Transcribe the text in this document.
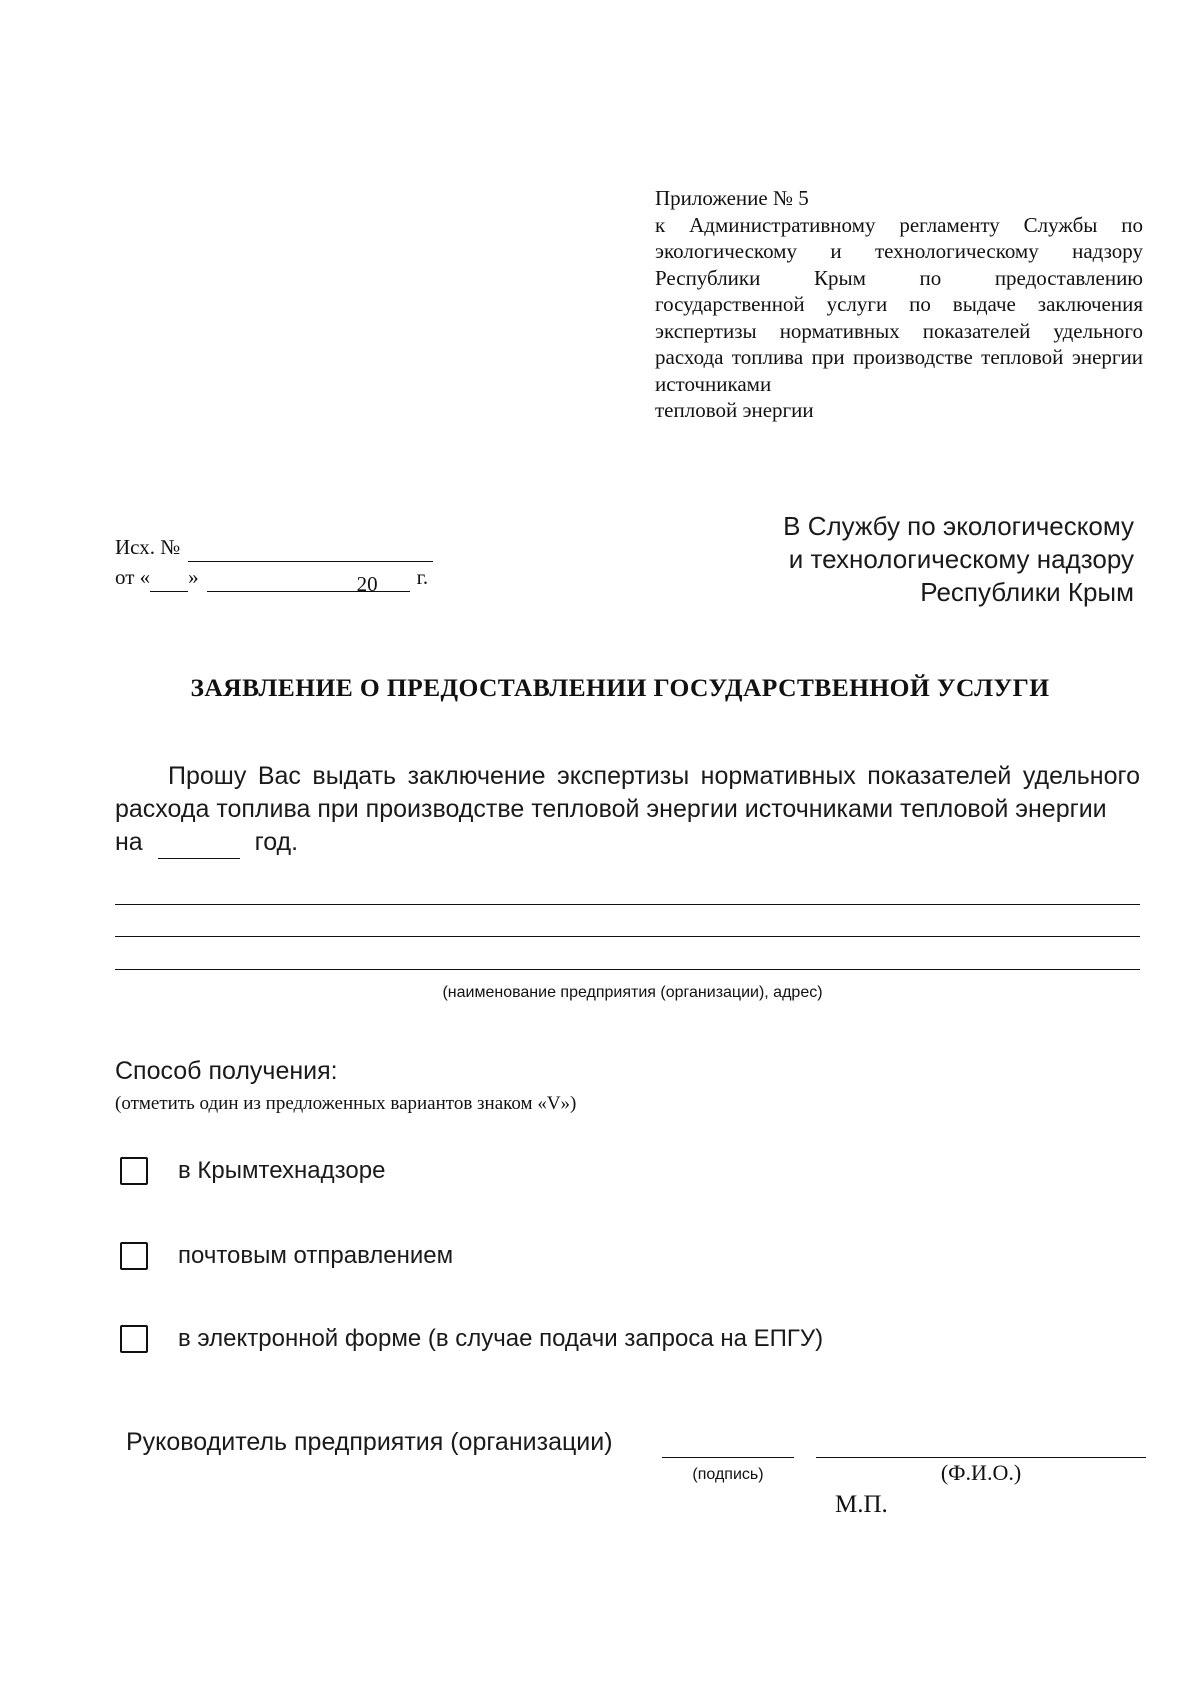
Приложение № 5
к Административному регламенту Службы по экологическому и технологическому надзору Республики Крым по предоставлению государственной услуги по выдаче заключения экспертизы нормативных показателей удельного расхода топлива при производстве тепловой энергии источниками
тепловой энергии
Исх. №
от « »	20 г.
В Службу по экологическому
и технологическому надзору
Республики Крым
ЗАЯВЛЕНИЕ О ПРЕДОСТАВЛЕНИИ ГОСУДАРСТВЕННОЙ УСЛУГИ
Прошу Вас выдать заключение экспертизы нормативных показателей удельного расхода топлива при производстве тепловой энергии источниками тепловой энергии
на	год.
(наименование предприятия (организации), адрес)
Способ получения:
(отметить один из предложенных вариантов знаком «V»)
в Крымтехнадзоре
почтовым отправлением
в электронной форме (в случае подачи запроса на ЕПГУ)
Руководитель предприятия (организации)
(подпись)	(Ф.И.О.)
М.П.
